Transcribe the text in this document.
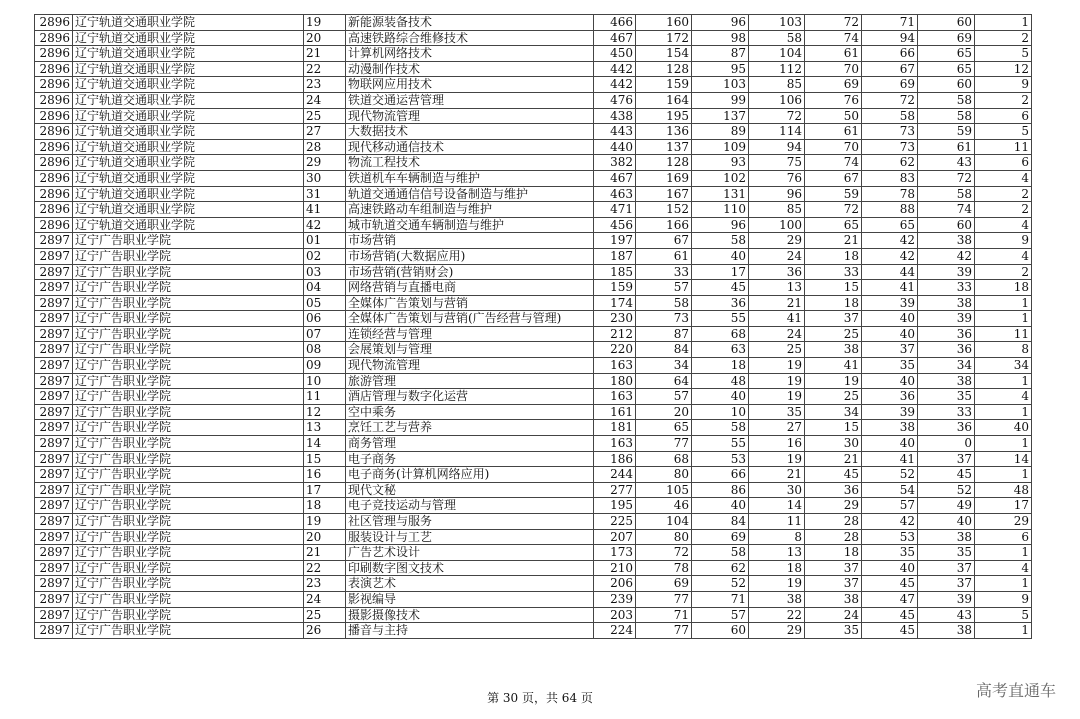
2896	辽宁轨道交通职业学院	19	新能源装备技术	466	160	96	103	72	71	60	1
2896	辽宁轨道交通职业学院	20	高速铁路综合维修技术	467	172	98	58	74	94	69	2
2896	辽宁轨道交通职业学院	21	计算机网络技术	450	154	87	104	61	66	65	5
2896	辽宁轨道交通职业学院	22	动漫制作技术	442	128	95	112	70	67	65	12
2896	辽宁轨道交通职业学院	23	物联网应用技术	442	159	103	85	69	69	60	9
2896	辽宁轨道交通职业学院	24	铁道交通运营管理	476	164	99	106	76	72	58	2
2896	辽宁轨道交通职业学院	25	现代物流管理	438	195	137	72	50	58	58	6
2896	辽宁轨道交通职业学院	27	大数据技术	443	136	89	114	61	73	59	5
2896	辽宁轨道交通职业学院	28	现代移动通信技术	440	137	109	94	70	73	61	11
2896	辽宁轨道交通职业学院	29	物流工程技术	382	128	93	75	74	62	43	6
2896	辽宁轨道交通职业学院	30	铁道机车车辆制造与维护	467	169	102	76	67	83	72	4
2896	辽宁轨道交通职业学院	31	轨道交通通信信号设备制造与维护	463	167	131	96	59	78	58	2
2896	辽宁轨道交通职业学院	41	高速铁路动车组制造与维护	471	152	110	85	72	88	74	2
2896	辽宁轨道交通职业学院	42	城市轨道交通车辆制造与维护	456	166	96	100	65	65	60	4
2897	辽宁广告职业学院	01	市场营销	197	67	58	29	21	42	38	9
2897	辽宁广告职业学院	02	市场营销(大数据应用)	187	61	40	24	18	42	42	4
2897	辽宁广告职业学院	03	市场营销(营销财会)	185	33	17	36	33	44	39	2
2897	辽宁广告职业学院	04	网络营销与直播电商	159	57	45	13	15	41	33	18
2897	辽宁广告职业学院	05	全媒体广告策划与营销	174	58	36	21	18	39	38	1
2897	辽宁广告职业学院	06	全媒体广告策划与营销(广告经营与管理)	230	73	55	41	37	40	39	1
2897	辽宁广告职业学院	07	连锁经营与管理	212	87	68	24	25	40	36	11
2897	辽宁广告职业学院	08	会展策划与管理	220	84	63	25	38	37	36	8
2897	辽宁广告职业学院	09	现代物流管理	163	34	18	19	41	35	34	34
2897	辽宁广告职业学院	10	旅游管理	180	64	48	19	19	40	38	1
2897	辽宁广告职业学院	11	酒店管理与数字化运营	163	57	40	19	25	36	35	4
2897	辽宁广告职业学院	12	空中乘务	161	20	10	35	34	39	33	1
2897	辽宁广告职业学院	13	烹饪工艺与营养	181	65	58	27	15	38	36	40
2897	辽宁广告职业学院	14	商务管理	163	77	55	16	30	40	0	1
2897	辽宁广告职业学院	15	电子商务	186	68	53	19	21	41	37	14
2897	辽宁广告职业学院	16	电子商务(计算机网络应用)	244	80	66	21	45	52	45	1
2897	辽宁广告职业学院	17	现代文秘	277	105	86	30	36	54	52	48
2897	辽宁广告职业学院	18	电子竞技运动与管理	195	46	40	14	29	57	49	17
2897	辽宁广告职业学院	19	社区管理与服务	225	104	84	11	28	42	40	29
2897	辽宁广告职业学院	20	服装设计与工艺	207	80	69	8	28	53	38	6
2897	辽宁广告职业学院	21	广告艺术设计	173	72	58	13	18	35	35	1
2897	辽宁广告职业学院	22	印刷数字图文技术	210	78	62	18	37	40	37	4
2897	辽宁广告职业学院	23	表演艺术	206	69	52	19	37	45	37	1
2897	辽宁广告职业学院	24	影视编导	239	77	71	38	38	47	39	9
2897	辽宁广告职业学院	25	摄影摄像技术	203	71	57	22	24	45	43	5
2897	辽宁广告职业学院	26	播音与主持	224	77	60	29	35	45	38	1
第 30 页，共 64 页	高考直通车
